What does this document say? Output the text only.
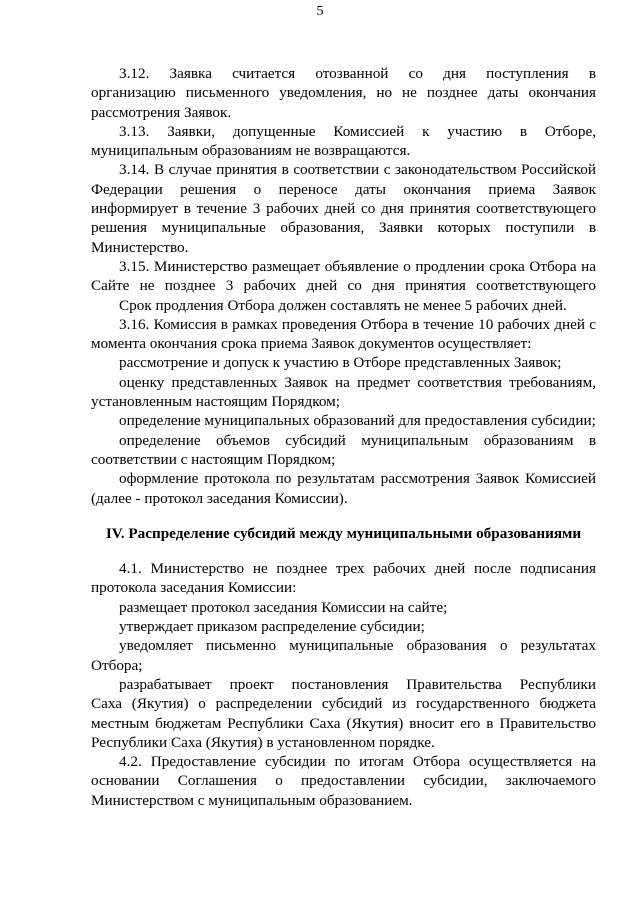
5
3.12. Заявка считается отозванной со дня поступления в
организацию письменного уведомления, но не позднее даты окончания
рассмотрения Заявок.
3.13. Заявки, допущенные Комиссией к участию в Отборе,
муниципальным образованиям не возвращаются.
3.14. В случае принятия в соответствии с законодательством Российской
Федерации решения о переносе даты окончания приема Заявок
информирует в течение 3 рабочих дней со дня принятия соответствующего
решения муниципальные образования, Заявки которых поступили в
Министерство.
3.15. Министерство размещает объявление о продлении срока Отбора на
Сайте не позднее 3 рабочих дней со дня принятия соответствующего
Срок продления Отбора должен составлять не менее 5 рабочих дней.
3.16. Комиссия в рамках проведения Отбора в течение 10 рабочих дней с
момента окончания срока приема Заявок документов осуществляет:
рассмотрение и допуск к участию в Отборе представленных Заявок;
оценку представленных Заявок на предмет соответствия требованиям,
установленным настоящим Порядком;
определение муниципальных образований для предоставления субсидии;
определение объемов субсидий муниципальным образованиям в
соответствии с настоящим Порядком;
оформление протокола по результатам рассмотрения Заявок Комиссией
(далее - протокол заседания Комиссии).
IV. Распределение субсидий между муниципальными образованиями
4.1. Министерство не позднее трех рабочих дней после подписания
протокола заседания Комиссии:
размещает протокол заседания Комиссии на сайте;
утверждает приказом распределение субсидии;
уведомляет письменно муниципальные образования о результатах
Отбора;
разрабатывает проект постановления Правительства Республики
Саха (Якутия) о распределении субсидий из государственного бюджета
местным бюджетам Республики Саха (Якутия) вносит его в Правительство
Республики Саха (Якутия) в установленном порядке.
4.2. Предоставление субсидии по итогам Отбора осуществляется на
основании Соглашения о предоставлении субсидии, заключаемого
Министерством с муниципальным образованием.
